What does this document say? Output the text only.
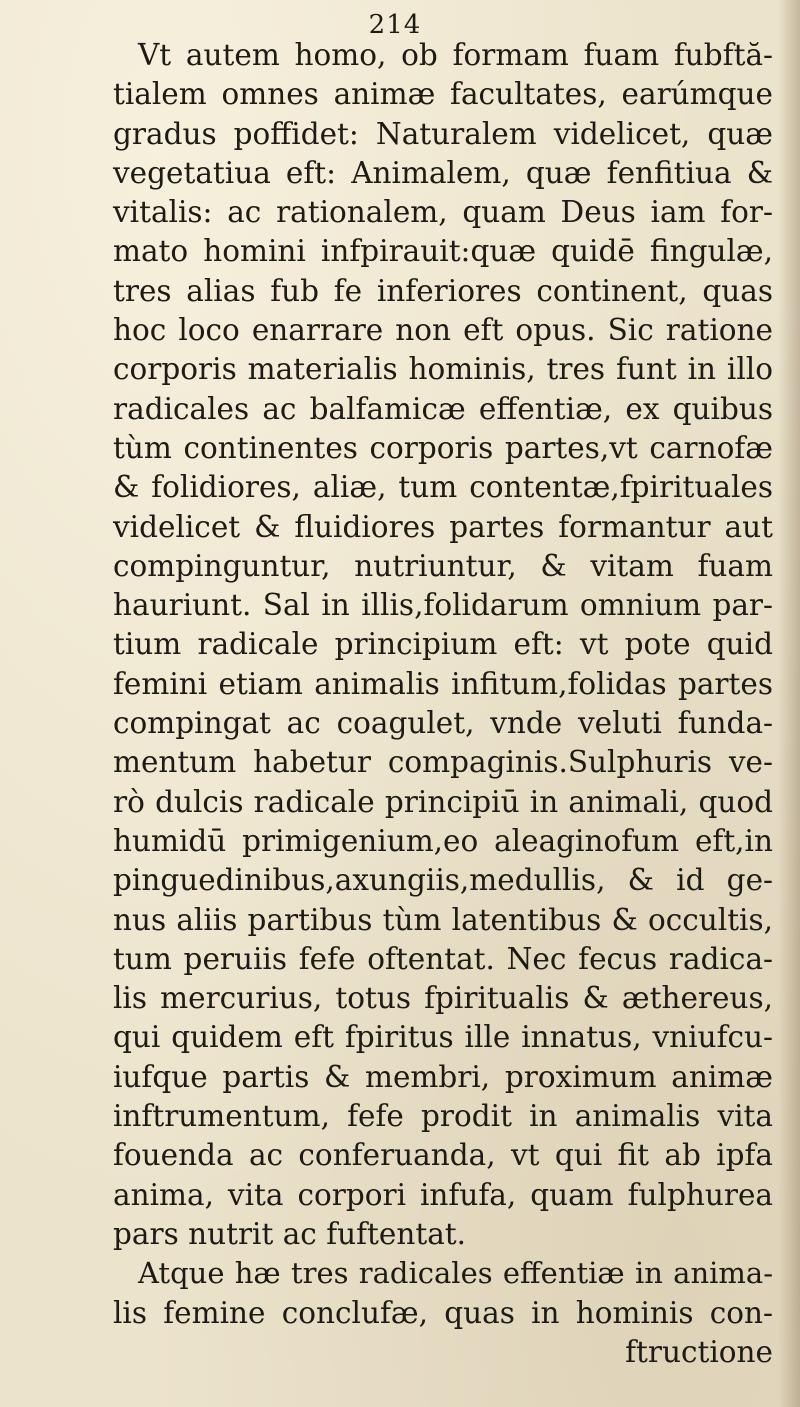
214
Vt autem homo, ob formam fuam fubftă-
tialem omnes animæ facultates, earúmque
gradus poffidet: Naturalem videlicet, quæ
vegetatiua eft: Animalem, quæ fenfitiua &
vitalis: ac rationalem, quam Deus iam for-
mato homini infpirauit:quæ quidē fingulæ,
tres alias fub fe inferiores continent, quas
hoc loco enarrare non eft opus. Sic ratione
corporis materialis hominis, tres funt in illo
radicales ac balfamicæ effentiæ, ex quibus
tùm continentes corporis partes,vt carnofæ
& folidiores, aliæ, tum contentæ,fpirituales
videlicet & fluidiores partes formantur aut
compinguntur, nutriuntur, & vitam fuam
hauriunt. Sal in illis,folidarum omnium par-
tium radicale principium eft: vt pote quid
femini etiam animalis infitum,folidas partes
compingat ac coagulet, vnde veluti funda-
mentum habetur compaginis.Sulphuris ve-
rò dulcis radicale principiū in animali, quod
humidū primigenium,eo aleaginofum eft,in
pinguedinibus,axungiis,medullis, & id ge-
nus aliis partibus tùm latentibus & occultis,
tum peruiis fefe oftentat. Nec fecus radica-
lis mercurius, totus fpiritualis & æthereus,
qui quidem eft fpiritus ille innatus, vniufcu-
iufque partis & membri, proximum animæ
inftrumentum, fefe prodit in animalis vita
fouenda ac conferuanda, vt qui fit ab ipfa
anima, vita corpori infufa, quam fulphurea
pars nutrit ac fuftentat.
Atque hæ tres radicales effentiæ in anima-
lis femine conclufæ, quas in hominis con-
ftructione
